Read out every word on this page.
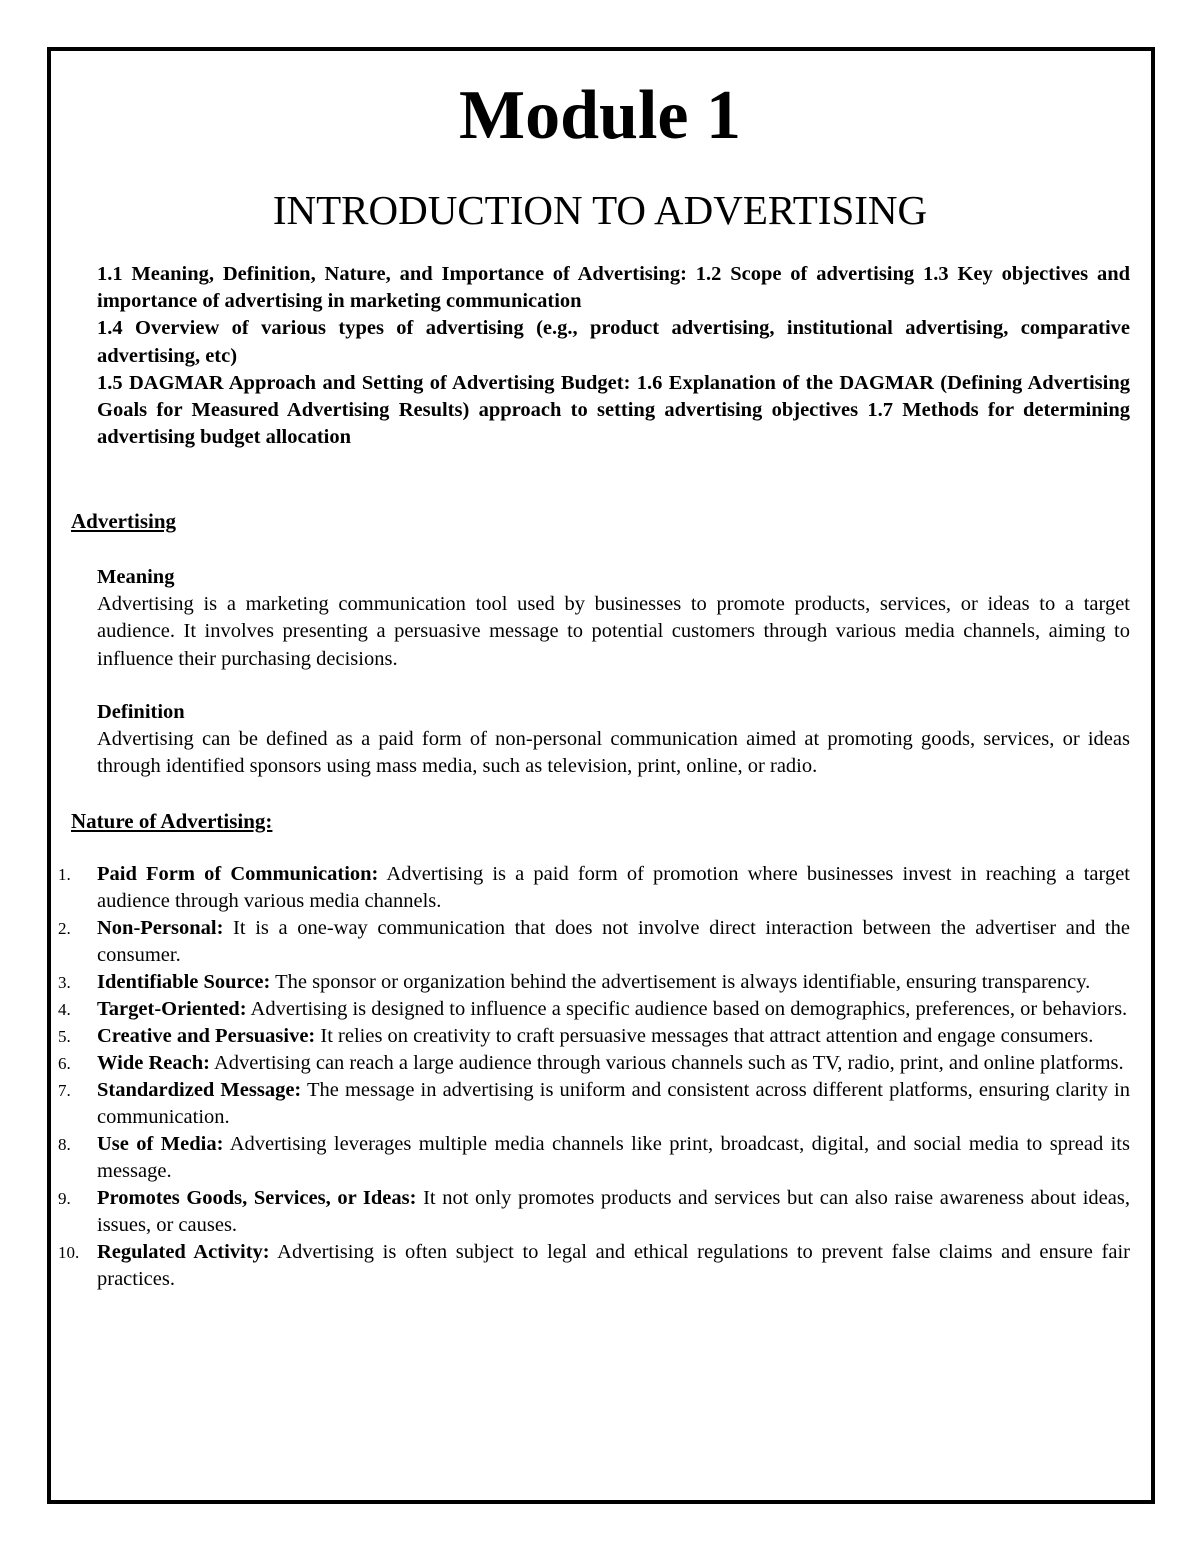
Module 1
INTRODUCTION TO ADVERTISING

1.1 Meaning, Definition, Nature, and Importance of Advertising: 1.2 Scope of advertising 1.3 Key objectives and importance of advertising in marketing communication

1.4 Overview of various types of advertising (e.g., product advertising, institutional advertising, comparative advertising, etc)

1.5 DAGMAR Approach and Setting of Advertising Budget: 1.6 Explanation of the DAGMAR (Defining Advertising Goals for Measured Advertising Results) approach to setting advertising objectives 1.7 Methods for determining advertising budget allocation

Advertising
Meaning
Advertising is a marketing communication tool used by businesses to promote products, services, or ideas to a target audience. It involves presenting a persuasive message to potential customers through various media channels, aiming to influence their purchasing decisions.
Definition
Advertising can be defined as a paid form of non-personal communication aimed at promoting goods, services, or ideas through identified sponsors using mass media, such as television, print, online, or radio.
Nature of Advertising:
1.	Paid Form of Communication: Advertising is a paid form of promotion where businesses invest in reaching a target audience through various media channels.
2.	Non-Personal: It is a one-way communication that does not involve direct interaction between the advertiser and the consumer.
3.	Identifiable Source: The sponsor or organization behind the advertisement is always identifiable, ensuring transparency.
4.	Target-Oriented: Advertising is designed to influence a specific audience based on demographics, preferences, or behaviors.
5.	Creative and Persuasive: It relies on creativity to craft persuasive messages that attract attention and engage consumers.
6.	Wide Reach: Advertising can reach a large audience through various channels such as TV, radio, print, and online platforms.
7.	Standardized Message: The message in advertising is uniform and consistent across different platforms, ensuring clarity in communication.
8.	Use of Media: Advertising leverages multiple media channels like print, broadcast, digital, and social media to spread its message.
9.	Promotes Goods, Services, or Ideas: It not only promotes products and services but can also raise awareness about ideas, issues, or causes.
10. Regulated Activity: Advertising is often subject to legal and ethical regulations to prevent false claims and ensure fair practices.
